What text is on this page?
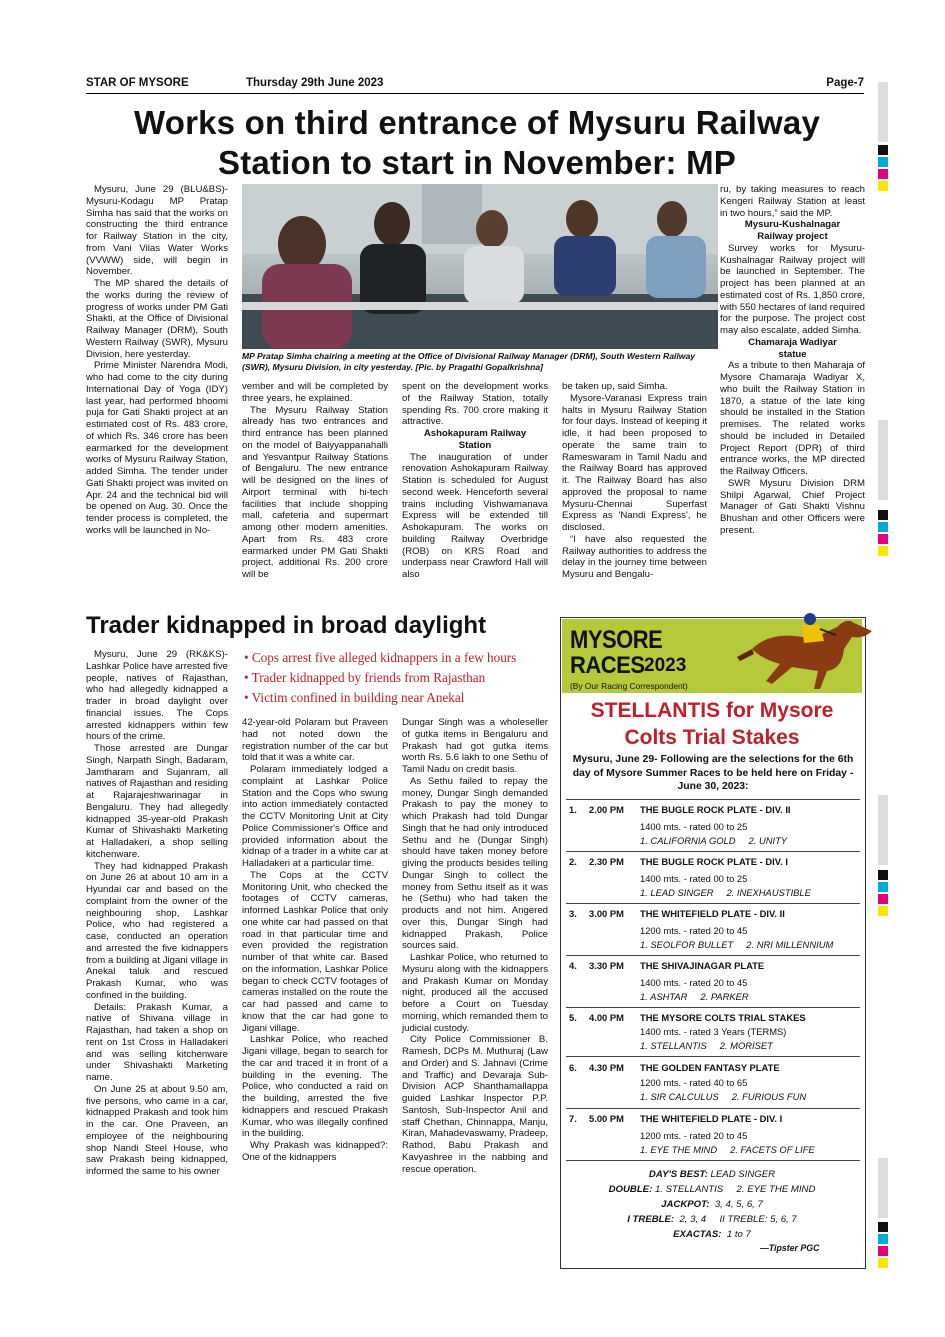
STAR OF MYSORE	Thursday 29th June 2023	Page-7
Works on third entrance of Mysuru Railway
Station to start in November: MP

Mysuru, June 29 (BLU&BS)- Mysuru-Kodagu MP Pratap Simha has said that the works on constructing the third entrance for Railway Station in the city, from Vani Vilas Water Works (VVWW) side, will begin in November.

The MP shared the details of the works during the review of progress of works under PM Gati Shakti, at the Office of Divisional Railway Manager (DRM), South Western Railway (SWR), Mysuru Division, here yesterday.

Prime Minister Narendra Modi, who had come to the city during International Day of Yoga (IDY) last year, had performed bhoomi puja for Gati Shakti project at an estimated cost of Rs. 483 crore, of which Rs. 346 crore has been earmarked for the development works of Mysuru Railway Station, added Simha. The tender under Gati Shakti project was invited on Apr. 24 and the technical bid will be opened on Aug. 30. Once the tender process is completed, the works will be launched in No-

MP Pratap Simha chairing a meeting at the Office of Divisional Railway Manager (DRM), South Western Railway (SWR), Mysuru Division, in city yesterday. [Pic. by Pragathi Gopalkrishna]

vember and will be completed by three years, he explained.

The Mysuru Railway Station already has two entrances and third entrance has been planned on the model of Baiyyappanahalli and Yesvantpur Railway Stations of Bengaluru. The new entrance will be designed on the lines of Airport terminal with hi-tech facilities that include shopping mall, cafeteria and supermart among other modern amenities. Apart from Rs. 483 crore earmarked under PM Gati Shakti project, additional Rs. 200 crore will be

spent on the development works of the Railway Station, totally spending Rs. 700 crore making it attractive.

Ashokapuram Railway Station

The inauguration of under renovation Ashokapuram Railway Station is scheduled for August second week. Henceforth several trains including Vishwamanava Express will be extended till Ashokapuram. The works on building Railway Overbridge (ROB) on KRS Road and underpass near Crawford Hall will also

be taken up, said Simha.

Mysore-Varanasi Express train halts in Mysuru Railway Station for four days. Instead of keeping it idle, it had been proposed to operate the same train to Rameswaram in Tamil Nadu and the Railway Board has approved it. The Railway Board has also approved the proposal to name Mysuru-Chennai Superfast Express as 'Nandi Express', he disclosed.

“I have also requested the Railway authorities to address the delay in the journey time between Mysuru and Bengalu-

ru, by taking measures to reach Kengeri Railway Station at least in two hours,” said the MP.

Mysuru-Kushalnagar Railway project

Survey works for Mysuru-Kushalnagar Railway project will be launched in September. The project has been planned at an estimated cost of Rs. 1,850 crore, with 550 hectares of land required for the purpose. The project cost may also escalate, added Simha.

Chamaraja Wadiyar statue

As a tribute to then Maharaja of Mysore Chamaraja Wadiyar X, who built the Railway Station in 1870, a statue of the late king should be installed in the Station premises. The related works should be included in Detailed Project Report (DPR) of third entrance works, the MP directed the Railway Officers.

SWR Mysuru Division DRM Shilpi Agarwal, Chief Project Manager of Gati Shakti Vishnu Bhushan and other Officers were present.

Trader kidnapped in broad daylight
• Cops arrest five alleged kidnappers in a few hours
• Trader kidnapped by friends from Rajasthan
• Victim confined in building near Anekal

Mysuru, June 29 (RK&KS)- Lashkar Police have arrested five people, natives of Rajasthan, who had allegedly kidnapped a trader in broad daylight over financial issues. The Cops arrested kidnappers within few hours of the crime.

Those arrested are Dungar Singh, Narpath Singh, Badaram, Jamtharam and Sujanram, all natives of Rajasthan and residing at Rajarajeshwarinagar in Bengaluru. They had allegedly kidnapped 35-year-old Prakash Kumar of Shivashakti Marketing at Halladakeri, a shop selling kitchenware.

They had kidnapped Prakash on June 26 at about 10 am in a Hyundai car and based on the complaint from the owner of the neighbouring shop, Lashkar Police, who had registered a case, conducted an operation and arrested the five kidnappers from a building at Jigani village in Anekal taluk and rescued Prakash Kumar, who was confined in the building.

Details: Prakash Kumar, a native of Shivana village in Rajasthan, had taken a shop on rent on 1st Cross in Halladakeri and was selling kitchenware under Shivashakti Marketing name.

On June 25 at about 9.50 am, five persons, who came in a car, kidnapped Prakash and took him in the car. One Praveen, an employee of the neighbouring shop Nandi Steel House, who saw Prakash being kidnapped, informed the same to his owner

42-year-old Polaram but Praveen had not noted down the registration number of the car but told that it was a white car.

Polaram immediately lodged a complaint at Lashkar Police Station and the Cops who swung into action immediately contacted the CCTV Monitoring Unit at City Police Commissioner's Office and provided information about the kidnap of a trader in a white car at Halladakeri at a particular time.

The Cops at the CCTV Monitoring Unit, who checked the footages of CCTV cameras, informed Lashkar Police that only one white car had passed on that road in that particular time and even provided the registration number of that white car. Based on the information, Lashkar Police began to check CCTV footages of cameras installed on the route the car had passed and came to know that the car had gone to Jigani village.

Lashkar Police, who reached Jigani village, began to search for the car and traced it in front of a building in the evening. The Police, who conducted a raid on the building, arrested the five kidnappers and rescued Prakash Kumar, who was illegally confined in the building.

Why Prakash was kidnapped?: One of the kidnappers

Dungar Singh was a wholeseller of gutka items in Bengaluru and Prakash had got gutka items worth Rs. 5.6 lakh to one Sethu of Tamil Nadu on credit basis.

As Sethu failed to repay the money, Dungar Singh demanded Prakash to pay the money to which Prakash had told Dungar Singh that he had only introduced Sethu and he (Dungar Singh) should have taken money before giving the products besides telling Dungar Singh to collect the money from Sethu itself as it was he (Sethu) who had taken the products and not him. Angered over this, Dungar Singh had kidnapped Prakash, Police sources said.

Lashkar Police, who returned to Mysuru along with the kidnappers and Prakash Kumar on Monday night, produced all the accused before a Court on Tuesday morning, which remanded them to judicial custody.

City Police Commissioner B. Ramesh, DCPs M. Muthuraj (Law and Order) and S. Jahnavi (Crime and Traffic) and Devaraja Sub-Division ACP Shanthamallappa guided Lashkar Inspector P.P. Santosh, Sub-Inspector Anil and staff Chethan, Chinnappa, Manju, Kiran, Mahadevaswamy, Pradeep, Rathod, Babu Prakash and Kavyashree in the nabbing and rescue operation.

MYSORE
RACES 2023
(By Our Racing Correspondent)
STELLANTIS for Mysore
Colts Trial Stakes
Mysuru, June 29- Following are the selections for the 6th day of Mysore Summer Races to be held here on Friday - June 30, 2023:
1. 2.00 PM THE BUGLE ROCK PLATE - DIV. II
1400 mts. - rated 00 to 25
1. CALIFORNIA GOLD     2. UNITY
2. 2.30 PM THE BUGLE ROCK PLATE - DIV. I
1400 mts. - rated 00 to 25
1. LEAD SINGER     2. INEXHAUSTIBLE
3. 3.00 PM THE WHITEFIELD PLATE - DIV. II
1200 mts. - rated 20 to 45
1. SEOLFOR BULLET     2. NRI MILLENNIUM
4. 3.30 PM THE SHIVAJINAGAR PLATE
1400 mts. - rated 20 to 45
1. ASHTAR     2. PARKER
5. 4.00 PM THE MYSORE COLTS TRIAL STAKES
1400 mts. - rated 3 Years (TERMS)
1. STELLANTIS     2. MORISET
6. 4.30 PM THE GOLDEN FANTASY PLATE
1200 mts. - rated 40 to 65
1. SIR CALCULUS     2. FURIOUS FUN
7. 5.00 PM THE WHITEFIELD PLATE - DIV. I
1200 mts. - rated 20 to 45
1. EYE THE MIND     2. FACETS OF LIFE
DAY'S BEST: LEAD SINGER
DOUBLE: 1. STELLANTIS     2. EYE THE MIND
JACKPOT:  3, 4, 5, 6, 7
I TREBLE:  2, 3, 4     II TREBLE: 5, 6, 7
EXACTAS:  1 to 7
—Tipster PGC
